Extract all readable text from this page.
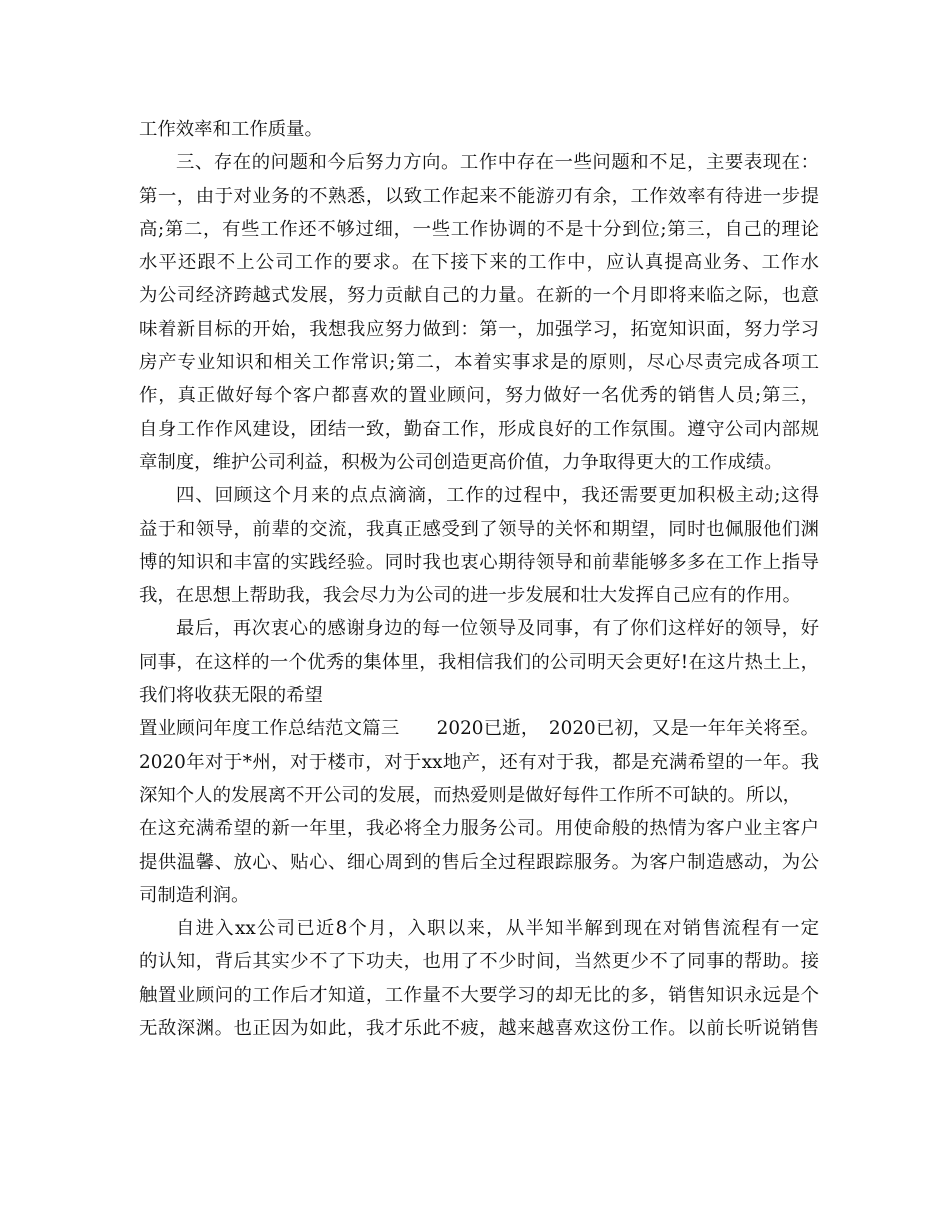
工作效率和工作质量。
三、存在的问题和今后努力方向。工作中存在一些问题和不足，主要表现在：
第一，由于对业务的不熟悉，以致工作起来不能游刃有余，工作效率有待进一步提
高;第二，有些工作还不够过细，一些工作协调的不是十分到位;第三，自己的理论
水平还跟不上公司工作的要求。在下接下来的工作中，应认真提高业务、工作水
为公司经济跨越式发展，努力贡献自己的力量。在新的一个月即将来临之际，也意
味着新目标的开始，我想我应努力做到：第一，加强学习，拓宽知识面，努力学习
房产专业知识和相关工作常识;第二，本着实事求是的原则，尽心尽责完成各项工
作，真正做好每个客户都喜欢的置业顾问，努力做好一名优秀的销售人员;第三，
自身工作作风建设，团结一致，勤奋工作，形成良好的工作氛围。遵守公司内部规
章制度，维护公司利益，积极为公司创造更高价值，力争取得更大的工作成绩。
四、回顾这个月来的点点滴滴，工作的过程中，我还需要更加积极主动;这得
益于和领导，前辈的交流，我真正感受到了领导的关怀和期望，同时也佩服他们渊
博的知识和丰富的实践经验。同时我也衷心期待领导和前辈能够多多在工作上指导
我，在思想上帮助我，我会尽力为公司的进一步发展和壮大发挥自己应有的作用。
最后，再次衷心的感谢身边的每一位领导及同事，有了你们这样好的领导，好
同事，在这样的一个优秀的集体里，我相信我们的公司明天会更好!在这片热土上，
我们将收获无限的希望
置业顾问年度工作总结范文篇三　　2020已逝，　2020已初，又是一年年关将至。
2020年对于*州，对于楼市，对于xx地产，还有对于我，都是充满希望的一年。我
深知个人的发展离不开公司的发展，而热爱则是做好每件工作所不可缺的。所以，
在这充满希望的新一年里，我必将全力服务公司。用使命般的热情为客户业主客户
提供温馨、放心、贴心、细心周到的售后全过程跟踪服务。为客户制造感动，为公
司制造利润。
自进入xx公司已近8个月，入职以来，从半知半解到现在对销售流程有一定
的认知，背后其实少不了下功夫，也用了不少时间，当然更少不了同事的帮助。接
触置业顾问的工作后才知道，工作量不大要学习的却无比的多，销售知识永远是个
无敌深渊。也正因为如此，我才乐此不疲，越来越喜欢这份工作。以前长听说销售
